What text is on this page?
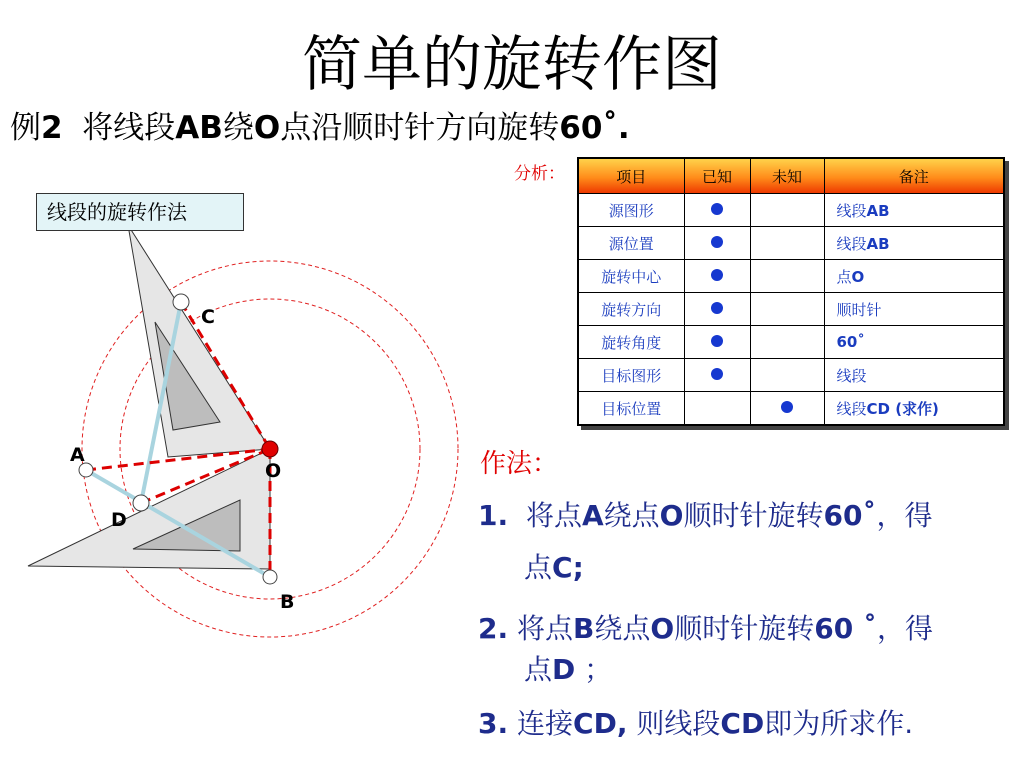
简单的旋转作图
例2 将线段AB绕O点沿顺时针方向旋转60˚.
A
B
C
D
O
线段的旋转作法
分析：	项目	已知	未知	备注
源图形			线段AB
源位置			线段AB
旋转中心			点O
旋转方向			顺时针
旋转角度			60˚
目标图形			线段
目标位置			线段CD (求作)
作法：
1. 将点A绕点O顺时针旋转60˚，得
点C;
2. 将点B绕点O顺时针旋转60 ˚，得
点D ；
3. 连接CD, 则线段CD即为所求作.
